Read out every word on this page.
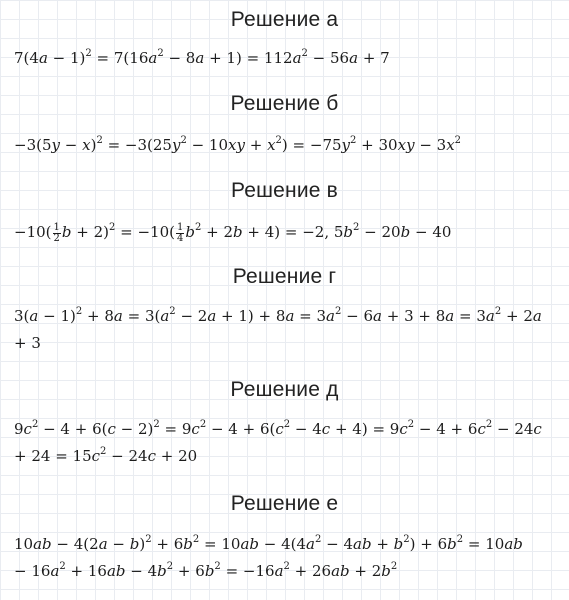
Решение а
$7(4a - 1)^2 = 7(16a^2 - 8a + 1) = 112a^2 - 56a + 7$
Решение б
$-3(5y - x)^2 = -3(25y^2 - 10xy + x^2) = -75y^2 + 30xy - 3x^2$
Решение в
$-10( \frac{1}{2}$ $b + 2)^2 = -10( \frac{1}{4} b^2 + 2b + 4) = -2$, $5b^2 - 20b - 40$
Решение г
$3(a - 1)^2 + 8a = 3(a^2 - 2a + 1) + 8a = 3a^2 - 6a + 3 + 8a = 3a^2 + 2a$
+ 3
Решение д
$9c^2 - 4 + 6(c - 2)^2 = 9c^2 - 4 + 6(c^2 - 4c + 4) = 9c^2 - 4 + 6c^2 - 24c$
+ $24 = 15c^2 - 24c + 20$
Решение е
$10ab - 4(2a - b)^2 + 6b^2 = 10ab - 4(4a^2 - 4ab + b^2) + 6b^2 = 10ab$
− $16a^2 + 16ab - 4b^2 + 6b^2 = -16a^2 + 26ab + 2b^2$
